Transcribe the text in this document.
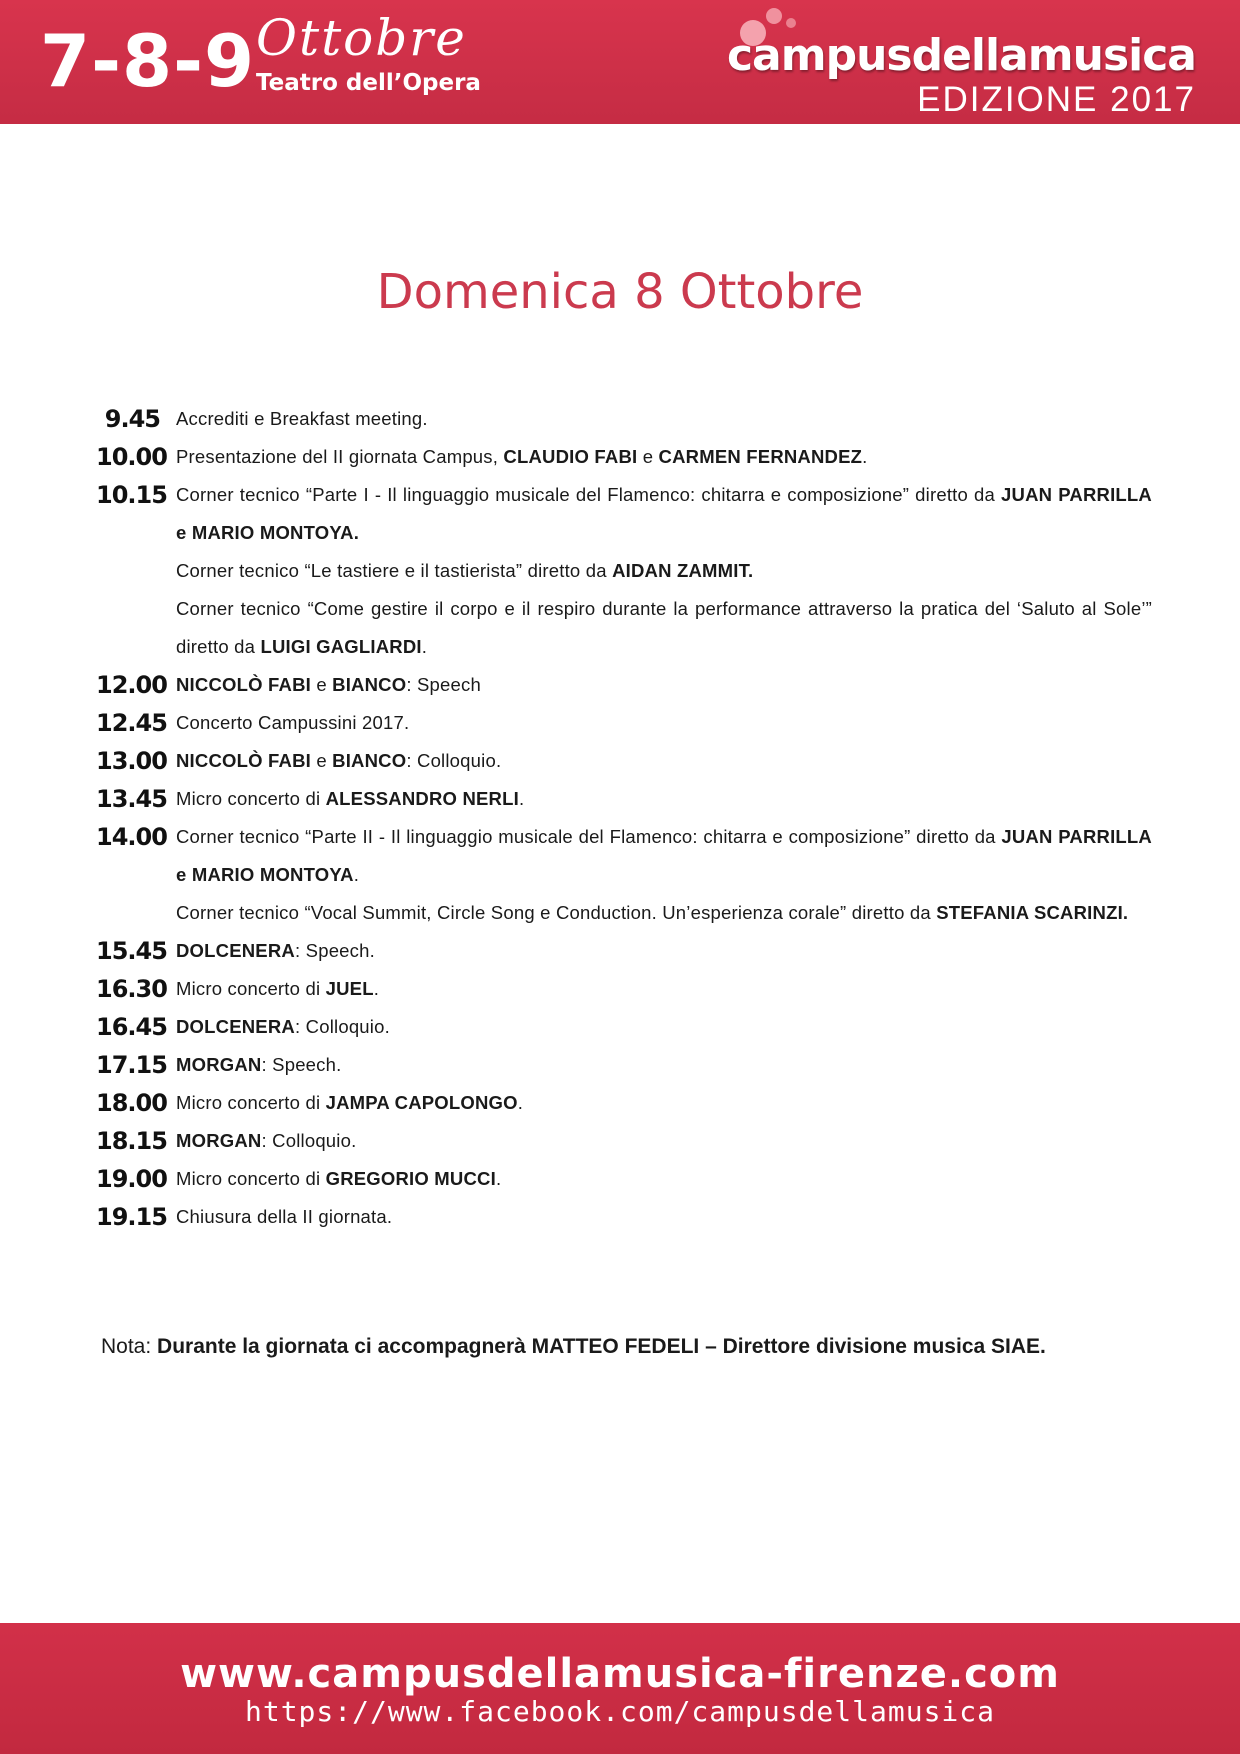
7-8-9 Ottobre
Teatro dell’Opera
campusdellamusica
EDIZIONE 2017
Domenica 8 Ottobre
9.45 Accrediti e Breakfast meeting.
10.00 Presentazione del II giornata Campus, CLAUDIO FABI e CARMEN FERNANDEZ.
10.15 Corner tecnico “Parte I - Il linguaggio musicale del Flamenco: chitarra e composizione” diretto da JUAN PARRILLA e MARIO MONTOYA.
Corner tecnico “Le tastiere e il tastierista” diretto da AIDAN ZAMMIT.
Corner tecnico “Come gestire il corpo e il respiro durante la performance attraverso la pratica del ‘Saluto al Sole’” diretto da LUIGI GAGLIARDI.
12.00 NICCOLÒ FABI e BIANCO: Speech
12.45 Concerto Campussini 2017.
13.00 NICCOLÒ FABI e BIANCO: Colloquio.
13.45 Micro concerto di ALESSANDRO NERLI.
14.00 Corner tecnico “Parte II - Il linguaggio musicale del Flamenco: chitarra e composizione” diretto da JUAN PARRILLA e MARIO MONTOYA.
Corner tecnico “Vocal Summit, Circle Song e Conduction. Un’esperienza corale” diretto da STEFANIA SCARINZI.
15.45 DOLCENERA: Speech.
16.30 Micro concerto di JUEL.
16.45 DOLCENERA: Colloquio.
17.15 MORGAN: Speech.
18.00 Micro concerto di JAMPA CAPOLONGO.
18.15 MORGAN: Colloquio.
19.00 Micro concerto di GREGORIO MUCCI.
19.15 Chiusura della II giornata.
Nota: Durante la giornata ci accompagnerà MATTEO FEDELI – Direttore divisione musica SIAE.
www.campusdellamusica-firenze.com
https://www.facebook.com/campusdellamusica
